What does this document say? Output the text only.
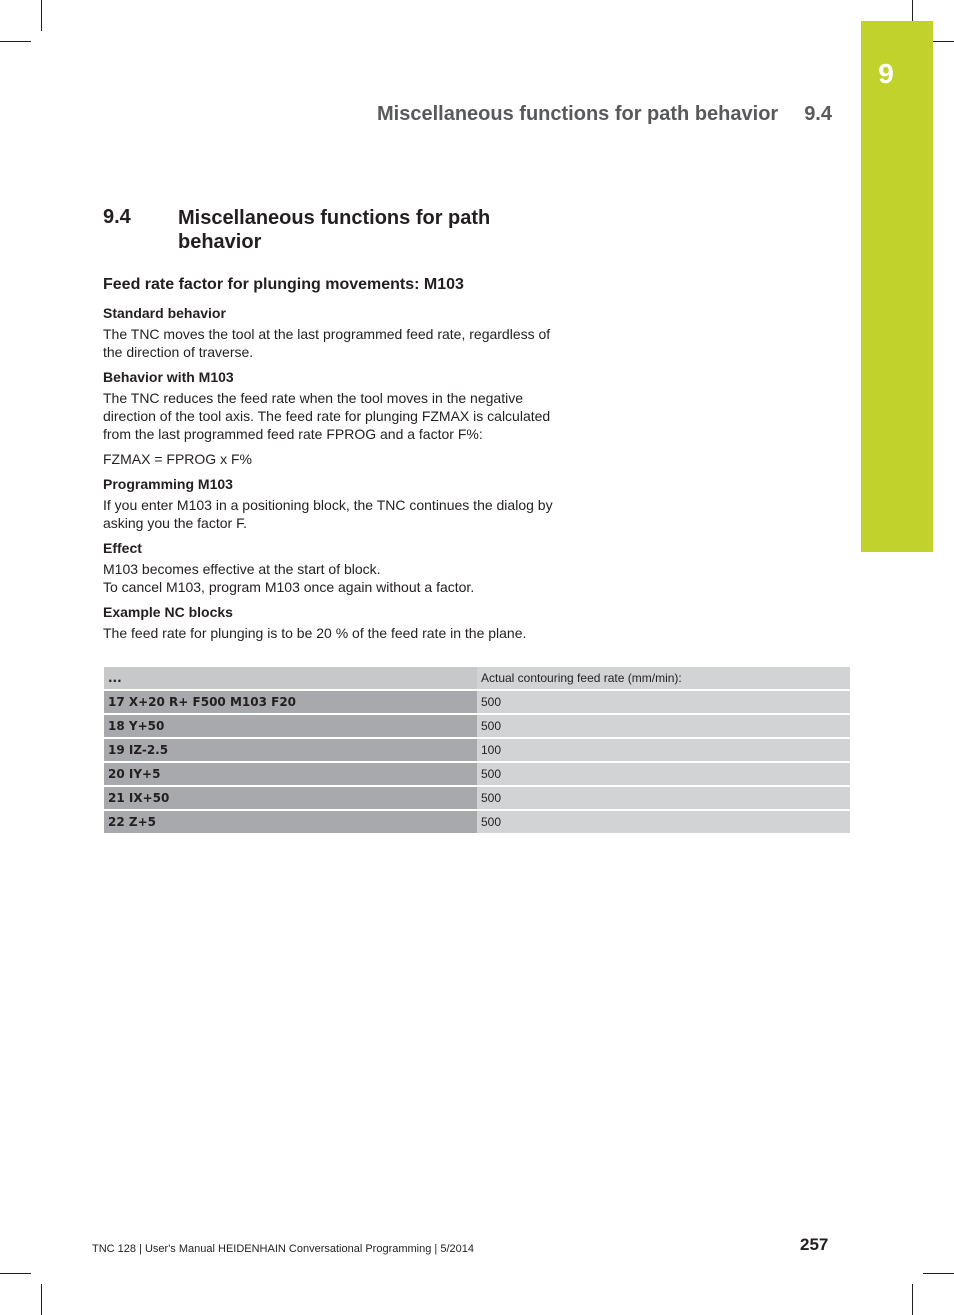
9
Miscellaneous functions for path behavior 9.4
9.4 Miscellaneous functions for path behavior
Feed rate factor for plunging movements: M103
Standard behavior

The TNC moves the tool at the last programmed feed rate, regardless of the direction of traverse.

Behavior with M103

The TNC reduces the feed rate when the tool moves in the negative direction of the tool axis. The feed rate for plunging FZMAX is calculated from the last programmed feed rate FPROG and a factor F%:

FZMAX = FPROG x F%

Programming M103

If you enter M103 in a positioning block, the TNC continues the dialog by asking you the factor F.

Effect

M103 becomes effective at the start of block.

To cancel M103, program M103 once again without a factor.

Example NC blocks

The feed rate for plunging is to be 20 % of the feed rate in the plane.

...	Actual contouring feed rate (mm/min):
17 X+20 R+ F500 M103 F20	500
18 Y+50	500
19 IZ-2.5	100
20 IY+5	500
21 IX+50	500
22 Z+5	500
TNC 128 | User's Manual HEIDENHAIN Conversational Programming | 5/2014	257
